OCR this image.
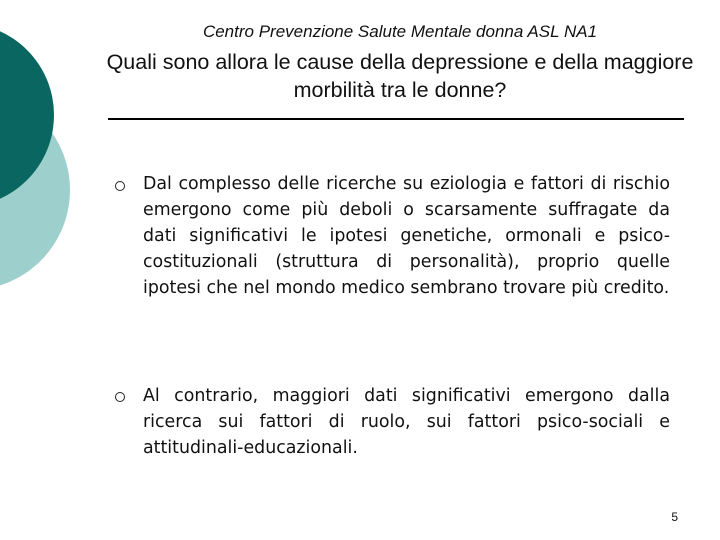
Centro Prevenzione Salute Mentale donna ASL NA1
Quali sono allora le cause della depressione e della maggiore morbilità tra le donne?
Dal complesso delle ricerche su eziologia e fattori di rischio emergono come più deboli o scarsamente suffragate da dati significativi le ipotesi genetiche, ormonali e psico-costituzionali (struttura di personalità), proprio quelle ipotesi che nel mondo medico sembrano trovare più credito.
Al contrario, maggiori dati significativi emergono dalla ricerca sui fattori di ruolo, sui fattori psico-sociali e attitudinali-educazionali.
5
